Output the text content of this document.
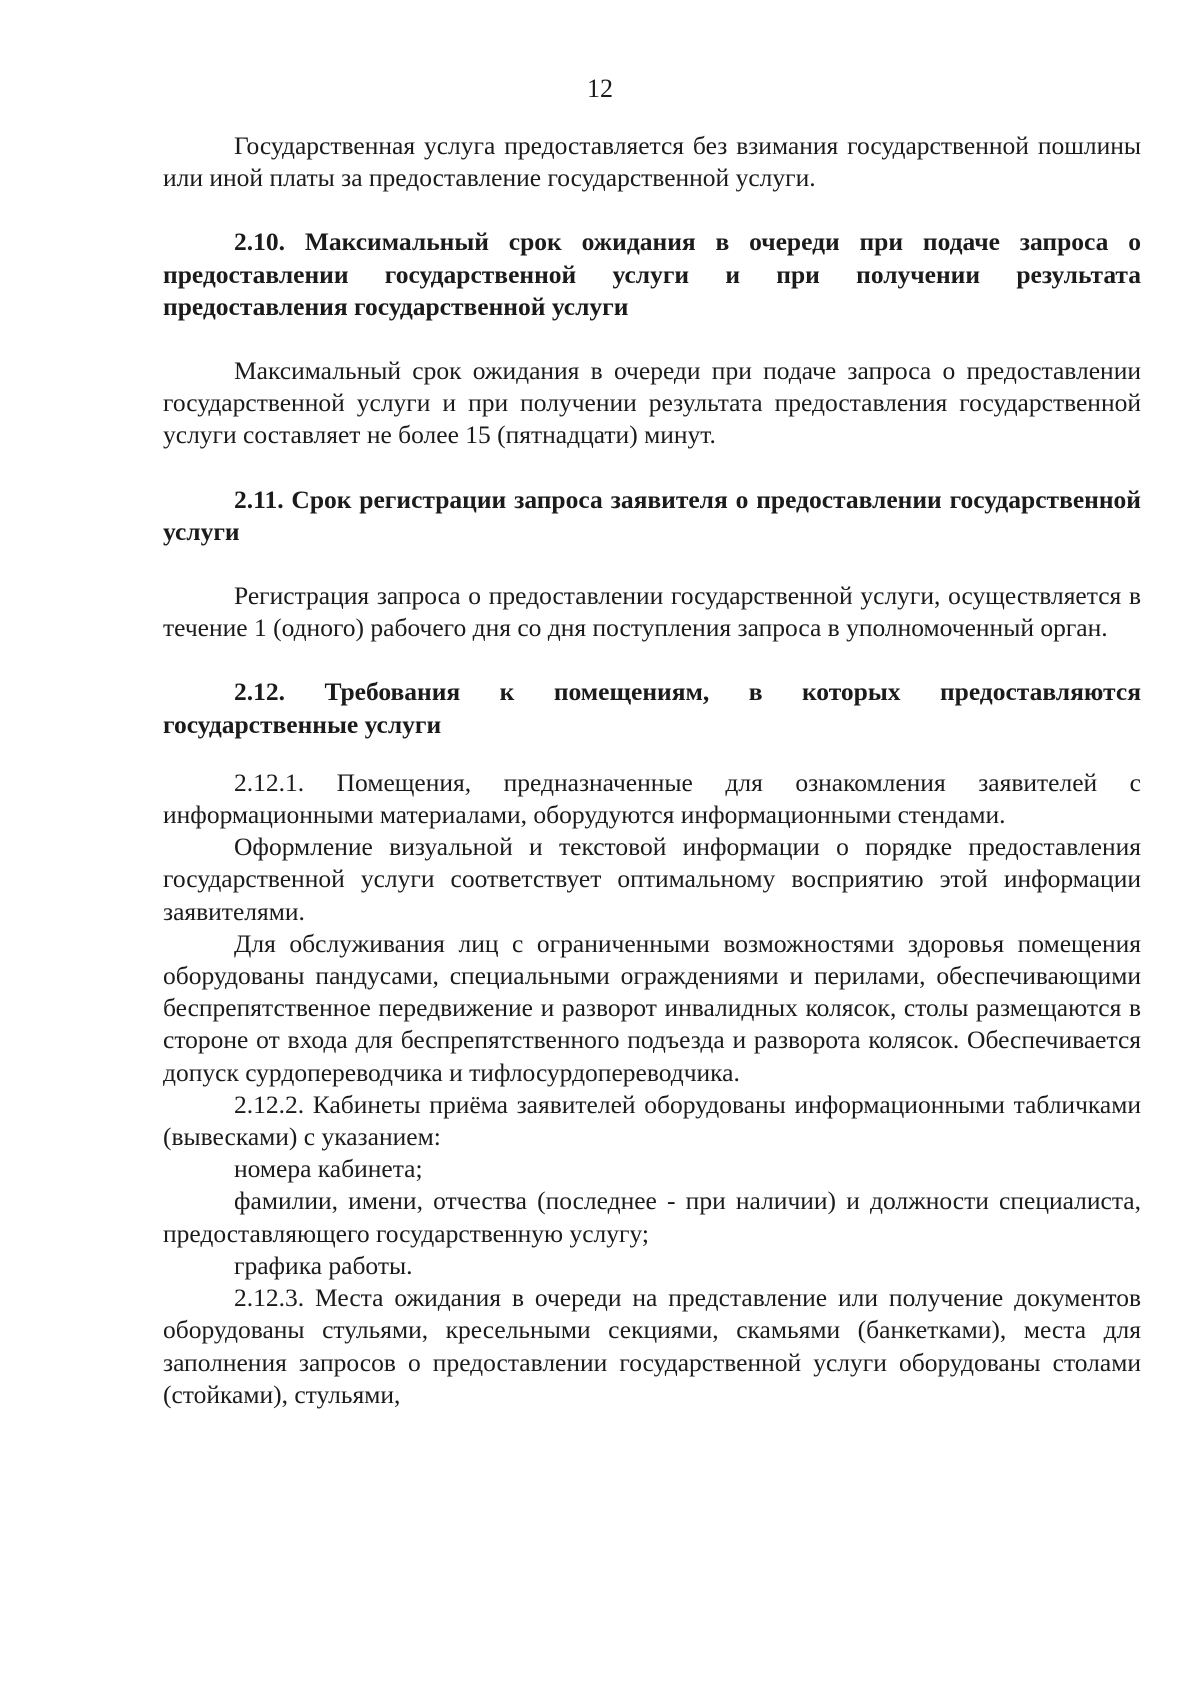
12

Государственная услуга предоставляется без взимания государственной пошлины или иной платы за предоставление государственной услуги.

2.10. Максимальный срок ожидания в очереди при подаче запроса о предоставлении государственной услуги и при получении результата предоставления государственной услуги

Максимальный срок ожидания в очереди при подаче запроса о предоставлении государственной услуги и при получении результата предоставления государственной услуги составляет не более 15 (пятнадцати) минут.

2.11. Срок регистрации запроса заявителя о предоставлении государственной услуги

Регистрация запроса о предоставлении государственной услуги, осуществляется в течение 1 (одного) рабочего дня со дня поступления запроса в уполномоченный орган.

2.12. Требования к помещениям, в которых предоставляются государственные услуги

2.12.1. Помещения, предназначенные для ознакомления заявителей с информационными материалами, оборудуются информационными стендами.

Оформление визуальной и текстовой информации о порядке предоставления государственной услуги соответствует оптимальному восприятию этой информации заявителями.

Для обслуживания лиц с ограниченными возможностями здоровья помещения оборудованы пандусами, специальными ограждениями и перилами, обеспечивающими беспрепятственное передвижение и разворот инвалидных колясок, столы размещаются в стороне от входа для беспрепятственного подъезда и разворота колясок. Обеспечивается допуск сурдопереводчика и тифлосурдопереводчика.

2.12.2. Кабинеты приёма заявителей оборудованы информационными табличками (вывесками) с указанием:

номера кабинета;

фамилии, имени, отчества (последнее - при наличии) и должности специалиста, предоставляющего государственную услугу;

графика работы.

2.12.3. Места ожидания в очереди на представление или получение документов оборудованы стульями, кресельными секциями, скамьями (банкетками), места для заполнения запросов о предоставлении государственной услуги оборудованы столами (стойками), стульями,
